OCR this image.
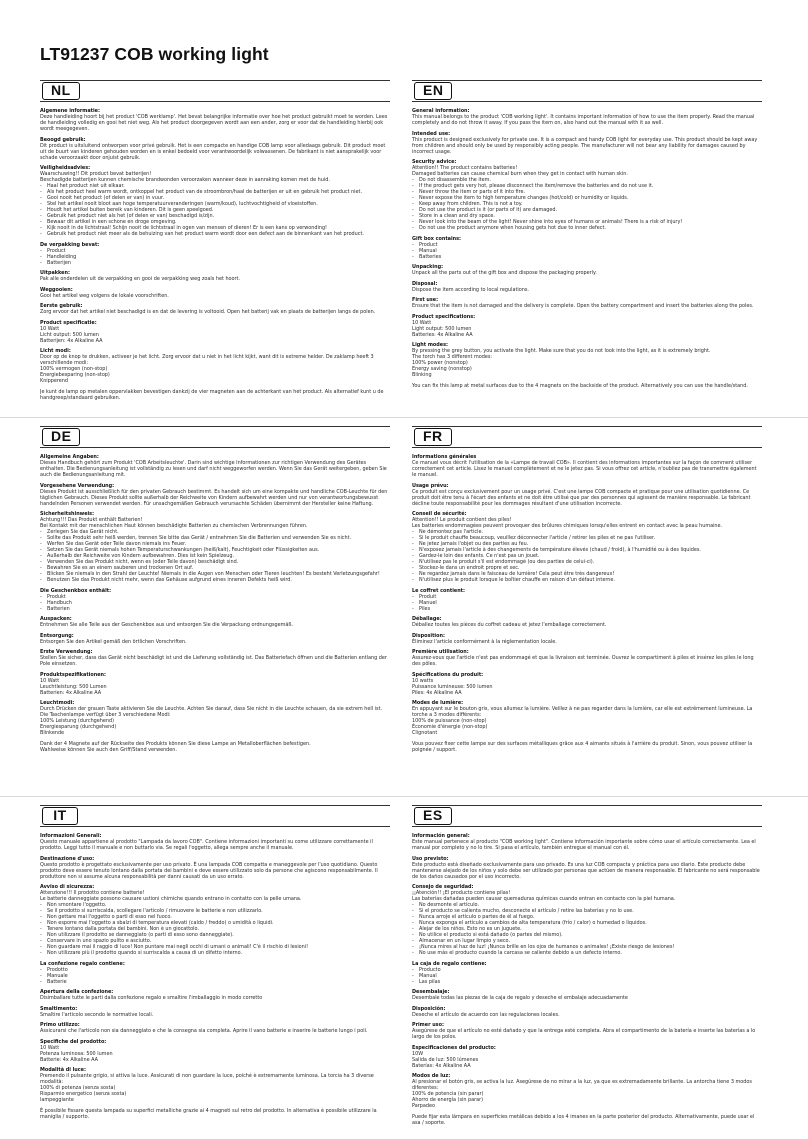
LT91237 COB working light
NL
Algemene informatie:
Deze handleiding hoort bij het product 'COB werklamp'. Het bevat belangrijke informatie over hoe het product gebruikt moet te worden. Lees de handleiding volledig en gooi het niet weg. Als het product doorgegeven wordt aan een ander, zorg er voor dat de handleiding hierbij ook wordt meegegeven.
Beoogd gebruik:
Dit product is uitsluitend ontworpen voor privé gebruik. Het is een compacte en handige COB lamp voor alledaags gebruik. Dit product moet uit de buurt van kinderen gehouden worden en is enkel bedoeld voor verantwoordelijk volwassenen. De fabrikant is niet aansprakelijk voor schade veroorzaakt door onjuist gebruik.
Veiligheidsadvies:
Waarschuwing!! Dit product bevat batterijen!
Beschadigde batterijen kunnen chemische brandwonden veroorzaken wanneer deze in aanraking komen met de huid.
- Haal het product niet uit elkaar.
- Als het product heel warm wordt, ontkoppel het product van de stroombron/haal de batterijen er uit en gebruik het product niet.
- Gooi nooit het product (of delen er van) in vuur.
- Stel het artikel nooit bloot aan hoge temperatuurveranderingen (warm/koud), luchtvochtigheid of vloeistoffen.
- Houdt het artikel buiten bereik van kinderen. Dit is geen speelgoed.
- Gebruik het product niet als het (of delen er van) beschadigd is/zijn.
- Bewaar dit artikel in een schone en droge omgeving.
- Kijk nooit in de lichtstraal! Schijn nooit de lichtstraal in ogen van mensen of dieren! Er is een kans op verwonding!
- Gebruik het product niet meer als de behuizing van het product warm wordt door een defect aan de binnenkant van het product.
De verpakking bevat:
- Product
- Handleiding
- Batterijen
Uitpakken:
Pak alle onderdelen uit de verpakking en gooi de verpakking weg zoals het hoort.
Weggooien:
Gooi het artikel weg volgens de lokale voorschriften.
Eerste gebruik:
Zorg ervoor dat het artikel niet beschadigd is en dat de levering is voltooid. Open het batterij vak en plaats de batterijen langs de polen.
Product specificatie:
10 Watt
Licht output: 500 lumen
Batterijen: 4x Alkaline AA
Licht modi:
Door op de knop te drukken, activeer je het licht. Zorg ervoor dat u niet in het licht kijkt, want dit is extreme helder. De zaklamp heeft 3 verschillende modi:
100% vermogen (non-stop)
Energiebesparing (non-stop)
Knipperend
Je kunt de lamp op metalen oppervlakken bevestigen dankzij de vier magneten aan de achterkant van het product. Als alternatief kunt u de handgreep/standaard gebruiken.
EN
General information:
This manual belongs to the product 'COB working light'. It contains important information of how to use the item properly. Read the manual completely and do not throw it away. If you pass the item on, also hand out the manual with it as well.
Intended use:
This product is designed exclusively for private use. It is a compact and handy COB light for everyday use. This product should be kept away from children and should only be used by responsibly acting people. The manufacturer will not bear any liability for damages caused by incorrect usage.
Security advice:
Attention!! The product contains batteries!
Damaged batteries can cause chemical burn when they get in contact with human skin.
- Do not disassemble the item.
- If the product gets very hot, please disconnect the item/remove the batteries and do not use it.
- Never throw the item or parts of it into fire.
- Never expose the item to high temperature changes (hot/cold) or humidity or liquids.
- Keep away from children. This is not a toy.
- Do not use the product is it (or parts of it) are damaged.
- Store in a clean and dry space.
- Never look into the beam of the light! Never shine into eyes of humans or animals! There is a risk of injury!
- Do not use the product anymore when housing gets hot due to inner defect.
Gift box contains:
- Product
- Manual
- Batteries
Unpacking:
Unpack all the parts out of the gift box and dispose the packaging properly.
Disposal:
Dispose the item according to local regulations.
First use:
Ensure that the item is not damaged and the delivery is complete. Open the battery compartment and insert the batteries along the poles.
Product specifications:
10 Watt
Light output: 500 lumen
Batteries: 4x Alkaline AA
Light modes:
By pressing the grey button, you activate the light. Make sure that you do not look into the light, as it is extremely bright.
The torch has 3 different modes:
100% power (nonstop)
Energy saving (nonstop)
Blinking
You can fix this lamp at metal surfaces due to the 4 magnets on the backside of the product. Alternatively you can use the handle/stand.
DE
Allgemeine Angaben:
Dieses Handbuch gehört zum Produkt 'COB Arbeitsleuchte'. Darin sind wichtige Informationen zur richtigen Verwendung des Gerätes enthalten. Die Bedienungsanleitung ist vollständig zu lesen und darf nicht weggeworfen werden. Wenn Sie das Gerät weitergeben, geben Sie auch die Bedienungsanleitung mit.
Vorgesehene Verwendung:
Dieses Produkt ist ausschließlich für den privaten Gebrauch bestimmt. Es handelt sich um eine kompakte und handliche COB-Leuchte für den täglichen Gebrauch. Dieses Produkt sollte außerhalb der Reichweite von Kindern aufbewahrt werden und nur von verantwortungsbewusst handelnden Personen verwendet werden. Für unsachgemäßen Gebrauch verursachte Schäden übernimmt der Hersteller keine Haftung.
Sicherheitshinweis:
Achtung!!! Das Produkt enthält Batterien!
Bei Kontakt mit der menschlichen Haut können beschädigte Batterien zu chemischen Verbrennungen führen.
- Zerlegen Sie das Gerät nicht.
- Sollte das Produkt sehr heiß werden, trennen Sie bitte das Gerät / entnehmen Sie die Batterien und verwenden Sie es nicht.
- Werfen Sie das Gerät oder Teile davon niemals ins Feuer.
- Setzen Sie das Gerät niemals hohen Temperaturschwankungen (heiß/kalt), Feuchtigkeit oder Flüssigkeiten aus.
- Außerhalb der Reichweite von Kindern aufbewahren. Dies ist kein Spielzeug.
- Verwenden Sie das Produkt nicht, wenn es (oder Teile davon) beschädigt sind.
- Bewahren Sie es an einem sauberen und trockenen Ort auf.
- Blicken Sie niemals in den Strahl der Leuchte! Niemals in die Augen von Menschen oder Tieren leuchten! Es besteht Verletzungsgefahr!
- Benutzen Sie das Produkt nicht mehr, wenn das Gehäuse aufgrund eines inneren Defekts heiß wird.
Die Geschenkbox enthält:
- Produkt
- Handbuch
- Batterien
Auspacken:
Entnehmen Sie alle Teile aus der Geschenkbox aus und entsorgen Sie die Verpackung ordnungsgemäß.
Entsorgung:
Entsorgen Sie den Artikel gemäß den örtlichen Vorschriften.
Erste Verwendung:
Stellen Sie sicher, dass das Gerät nicht beschädigt ist und die Lieferung vollständig ist. Das Batteriefach öffnen und die Batterien entlang der Pole einsetzen.
Produktspezifikationen:
10 Watt
Leuchtleistung: 500 Lumen
Batterien: 4x Alkaline AA
Leuchtmodi:
Durch Drücken der grauen Taste aktivieren Sie die Leuchte. Achten Sie darauf, dass Sie nicht in die Leuchte schauen, da sie extrem hell ist.
Die Taschenlampe verfügt über 3 verschiedene Modi:
100% Leistung (durchgehend)
Energiesparung (durchgehend)
Blinkende
Dank der 4 Magnete auf der Rückseite des Produkts können Sie diese Lampe an Metalloberflächen befestigen.
Wahlweise können Sie auch den Griff/Stand verwenden.
FR
Informations générales
Ce manuel vous décrit l'utilisation de la «Lampe de travail COB». Il contient des informations importantes sur la façon de comment utiliser correctement cet article. Lisez le manuel complètement et ne le jetez pas. Si vous offrez cet article, n'oubliez pas de transmettre également le manuel.
Usage prévu:
Ce produit est conçu exclusivement pour un usage privé. C'est une lampe COB compacte et pratique pour une utilisation quotidienne. Ce produit doit être tenu à l'écart des enfants et ne doit être utilisé que par des personnes qui agissent de manière responsable. Le fabricant décline toute responsabilité pour les dommages résultant d'une utilisation incorrecte.
Conseil de sécurité:
Attention!! Le produit contient des piles!
Les batteries endommagées peuvent provoquer des brûlures chimiques lorsqu'elles entrent en contact avec la peau humaine.
- Ne démontez pas l'article.
- Si le produit chauffe beaucoup, veuillez déconnecter l'article / retirer les piles et ne pas l'utiliser.
- Ne jetez jamais l'objet ou des parties au feu.
- N'exposez jamais l'article à des changements de température élevés (chaud / froid), à l'humidité ou à des liquides.
- Gardez-le loin des enfants. Ce n'est pas un jouet.
- N'utilisez pas le produit s'il est endommagé (ou des parties de celui-ci).
- Stockez-le dans un endroit propre et sec.
- Ne regardez jamais dans le faisceau de lumière! Cela peut être très dangereux!
- N'utilisez plus le produit lorsque le boîtier chauffe en raison d'un défaut interne.
Le coffret contient:
- Produit
- Manuel
- Piles
Déballage:
Déballez toutes les pièces du coffret cadeau et jetez l'emballage correctement.
Disposition:
Éliminez l'article conformément à la réglementation locale.
Première utilisation:
Assurez-vous que l'article n'est pas endommagé et que la livraison est terminée. Ouvrez le compartiment à piles et insérez les piles le long des pôles.
Spécifications du produit:
10 watts
Puissance lumineuse: 500 lumen
Piles: 4x Alkaline AA
Modes de lumière:
En appuyant sur le bouton gris, vous allumez la lumière. Veillez à ne pas regarder dans la lumière, car elle est extrêmement lumineuse. La torche a 3 modes différents:
100% de puissance (non-stop)
Économie d'énergie (non-stop)
Clignotant
Vous pouvez fixer cette lampe sur des surfaces métalliques grâce aux 4 aimants situés à l'arrière du produit. Sinon, vous pouvez utiliser la poignée / support.
IT
Informazioni Generali:
Questo manuale appartiene al prodotto "Lampada da lavoro COB". Contiene informazioni importanti su come utilizzare correttamente il prodotto. Leggi tutto il manuale e non buttarlo via. Se regali l'oggetto, allega sempre anche il manuale.
Destinazione d'uso:
Questo prodotto è progettato esclusivamente per uso privato. È una lampada COB compatta e maneggevole per l'uso quotidiano. Questo prodotto deve essere tenuto lontano dalla portata dei bambini e deve essere utilizzato solo da persone che agiscono responsabilmente. Il produttore non si assume alcuna responsabilità per danni causati da un uso errato.
Avviso di sicurezza:
Attenzione!!! Il prodotto contiene batterie!
Le batterie danneggiate possono causare ustioni chimiche quando entrano in contatto con la pelle umana.
- Non smontare l'oggetto.
- Se il prodotto si surriscalda, scollegare l'articolo / rimuovere le batterie e non utilizzarlo.
- Non gettare mai l'oggetto o parti di esso nel fuoco.
- Non esporre mai l'oggetto a sbalzi di temperatura elevati (caldo / freddo) o umidità o liquidi.
- Tenere lontano dalla portata dei bambini. Non è un giocattolo.
- Non utilizzare il prodotto se danneggiato (o parti di esso sono danneggiate).
- Conservare in uno spazio pulito e asciutto.
- Non guardare mai il raggio di luce! Non puntare mai negli occhi di umani o animali! C'è il rischio di lesioni!
- Non utilizzare più il prodotto quando si surriscalda a causa di un difetto interno.
La confezione regalo contiene:
- Prodotto
- Manuale
- Batterie
Apertura della confezione:
Disimballare tutte le parti dalla confezione regalo e smaltire l'imballaggio in modo corretto
Smaltimento:
Smaltire l'articolo secondo le normative locali.
Primo utilizzo:
Assicurarsi che l'articolo non sia danneggiato e che la consegna sia completa. Aprire il vano batterie e inserire le batterie lungo i poli.
Specifiche del prodotto:
10 Watt
Potenza luminosa: 500 lumen
Batterie: 4x Alkaline AA
Modalità di luce:
Premendo il pulsante grigio, si attiva la luce. Assicurati di non guardare la luce, poiché è estremamente luminosa. La torcia ha 3 diverse modalità:
100% di potenza (senza sosta)
Risparmio energetico (senza sosta)
lampeggiante
È possibile fissare questa lampada su superfici metalliche grazie ai 4 magneti sul retro del prodotto. In alternativa è possibile utilizzare la maniglia / supporto.
ES
Información general:
Este manual pertenece al producto "COB working light". Contiene información importante sobre cómo usar el artículo correctamente. Lea el manual por completo y no lo tire. Si pasa el artículo, también entregue el manual con él.
Uso previsto:
Este producto está diseñado exclusivamente para uso privado. Es una luz COB compacta y práctica para uso diario. Este producto debe mantenerse alejado de los niños y solo debe ser utilizado por personas que actúen de manera responsable. El fabricante no será responsable de los daños causados por el uso incorrecto.
Consejo de seguridad:
¡¡Atención!! ¡El producto contiene pilas!
Las baterías dañadas pueden causar quemaduras químicas cuando entran en contacto con la piel humana.
- No desmonte el artículo.
- Si el producto se calienta mucho, desconecte el artículo / retire las baterías y no lo use.
- Nunca arroje el artículo o partes de él al fuego.
- Nunca exponga el artículo a cambios de alta temperatura (frío / calor) o humedad o líquidos.
- Alejar de los niños. Esto no es un juguete.
- No utilice el producto si está dañado (o partes del mismo).
- Almacenar en un lugar limpio y seco.
- ¡Nunca mires al haz de luz! ¡Nunca brille en los ojos de humanos o animales! ¡Existe riesgo de lesiones!
- No use más el producto cuando la carcasa se caliente debido a un defecto interno.
La caja de regalo contiene:
- Producto
- Manual
- Las pilas
Desembalaje:
Desembale todas las piezas de la caja de regalo y deseche el embalaje adecuadamente
Disposición:
Deseche el artículo de acuerdo con las regulaciones locales.
Primer uso:
Asegúrese de que el artículo no esté dañado y que la entrega esté completa. Abra el compartimento de la batería e inserte las baterías a lo largo de los polos.
Especificaciones del producto:
10W
Salida de luz: 500 lúmenes
Baterías: 4x Alkaline AA
Modos de luz:
Al presionar el botón gris, se activa la luz. Asegúrese de no mirar a la luz, ya que es extremadamente brillante. La antorcha tiene 3 modos diferentes:
100% de potencia (sin parar)
Ahorro de energía (sin parar)
Parpadeo
Puede fijar esta lámpara en superficies metálicas debido a los 4 imanes en la parte posterior del producto. Alternativamente, puede usar el asa / soporte.
